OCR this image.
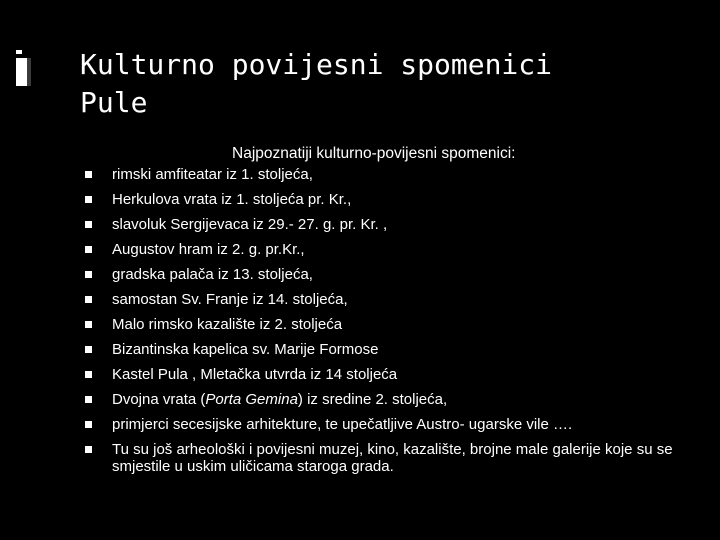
Kulturno povijesni spomenici
Pule
Najpoznatiji kulturno-povijesni spomenici:
rimski amfiteatar iz 1. stoljeća,
Herkulova vrata iz 1. stoljeća pr. Kr.,
slavoluk Sergijevaca iz 29.- 27. g. pr. Kr. ,
Augustov hram iz 2. g. pr.Kr.,
gradska palača iz 13. stoljeća,
samostan Sv. Franje iz 14. stoljeća,
Malo rimsko kazalište iz 2. stoljeća
Bizantinska kapelica sv. Marije Formose
Kastel Pula , Mletačka utvrda iz 14 stoljeća
Dvojna vrata (Porta Gemina) iz sredine 2. stoljeća,
primjerci secesijske arhitekture, te upečatljive Austro- ugarske vile ….
Tu su još arheološki i povijesni muzej, kino, kazalište, brojne male galerije koje su se smjestile u uskim uličicama staroga grada.
